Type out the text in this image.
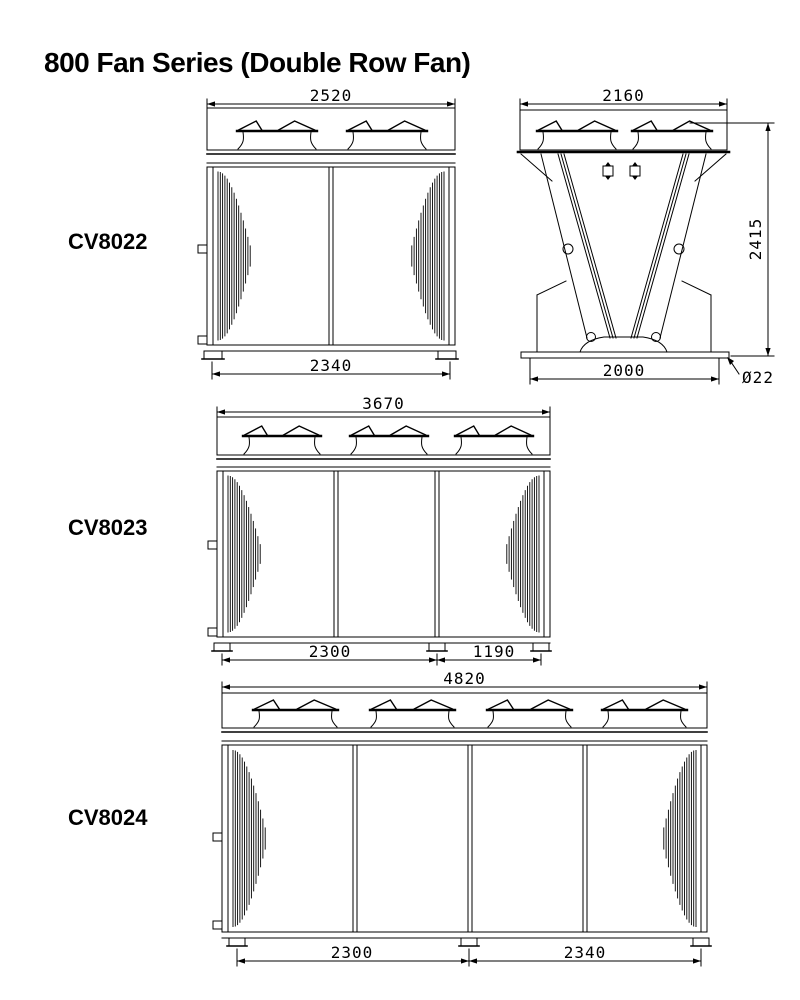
800 Fan Series (Double Row Fan)
CV8022
CV8023
CV8024
2520
2340
2160
2000	Ø22
2415
3670
2300	1190
4820
2300	2340
